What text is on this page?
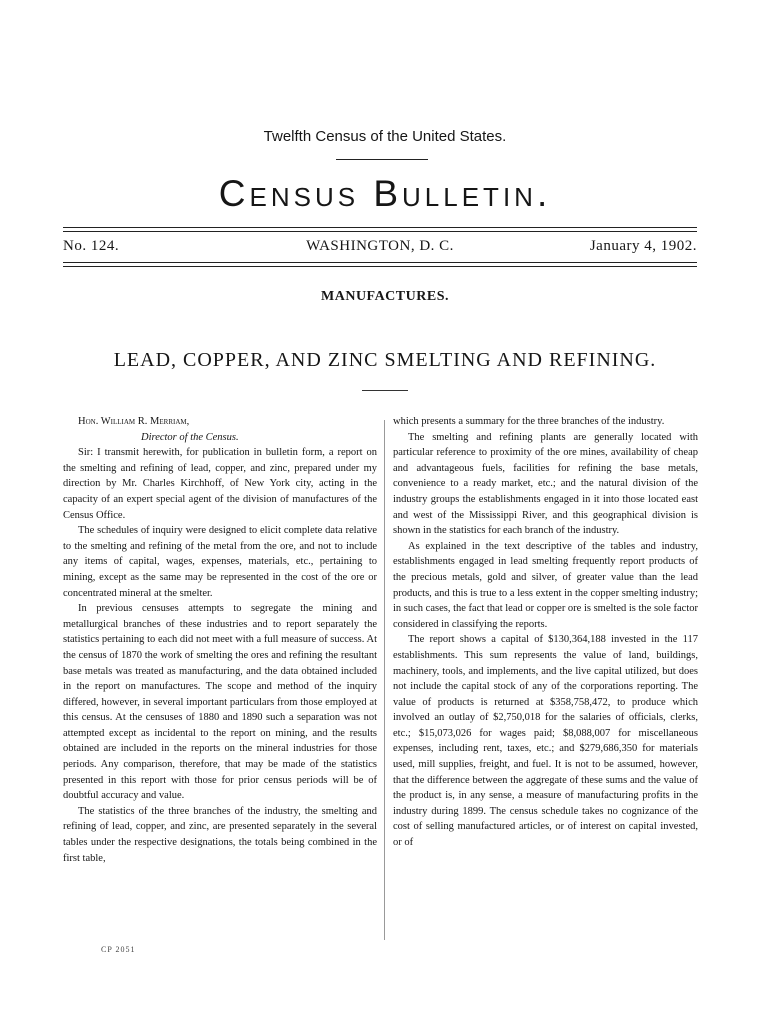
Twelfth Census of the United States.
Census Bulletin.
No. 124.	WASHINGTON, D. C.	January 4, 1902.
MANUFACTURES.
LEAD, COPPER, AND ZINC SMELTING AND REFINING.

Hon. William R. Merriam,

Director of the Census.

Sir: I transmit herewith, for publication in bulletin form, a report on the smelting and refining of lead, copper, and zinc, prepared under my direction by Mr. Charles Kirchhoff, of New York city, acting in the capacity of an expert special agent of the division of manufactures of the Census Office.

The schedules of inquiry were designed to elicit complete data relative to the smelting and refining of the metal from the ore, and not to include any items of capital, wages, expenses, materials, etc., pertaining to mining, except as the same may be represented in the cost of the ore or concentrated mineral at the smelter.

In previous censuses attempts to segregate the mining and metallurgical branches of these industries and to report separately the statistics pertaining to each did not meet with a full measure of success. At the census of 1870 the work of smelting the ores and refining the resultant base metals was treated as manufacturing, and the data obtained included in the report on manufactures. The scope and method of the inquiry differed, however, in several important particulars from those employed at this census. At the censuses of 1880 and 1890 such a separation was not attempted except as incidental to the report on mining, and the results obtained are included in the reports on the mineral industries for those periods. Any comparison, therefore, that may be made of the statistics presented in this report with those for prior census periods will be of doubtful accuracy and value.

The statistics of the three branches of the industry, the smelting and refining of lead, copper, and zinc, are presented separately in the several tables under the respective designations, the totals being combined in the first table,

which presents a summary for the three branches of the industry.

The smelting and refining plants are generally located with particular reference to proximity of the ore mines, availability of cheap and advantageous fuels, facilities for refining the base metals, convenience to a ready market, etc.; and the natural division of the industry groups the establishments engaged in it into those located east and west of the Mississippi River, and this geographical division is shown in the statistics for each branch of the industry.

As explained in the text descriptive of the tables and industry, establishments engaged in lead smelting frequently report products of the precious metals, gold and silver, of greater value than the lead products, and this is true to a less extent in the copper smelting industry; in such cases, the fact that lead or copper ore is smelted is the sole factor considered in classifying the reports.

The report shows a capital of $130,364,188 invested in the 117 establishments. This sum represents the value of land, buildings, machinery, tools, and implements, and the live capital utilized, but does not include the capital stock of any of the corporations reporting. The value of products is returned at $358,758,472, to produce which involved an outlay of $2,750,018 for the salaries of officials, clerks, etc.; $15,073,026 for wages paid; $8,088,007 for miscellaneous expenses, including rent, taxes, etc.; and $279,686,350 for materials used, mill supplies, freight, and fuel. It is not to be assumed, however, that the difference between the aggregate of these sums and the value of the product is, in any sense, a measure of manufacturing profits in the industry during 1899. The census schedule takes no cognizance of the cost of selling manufactured articles, or of interest on capital invested, or of

CP 2051
